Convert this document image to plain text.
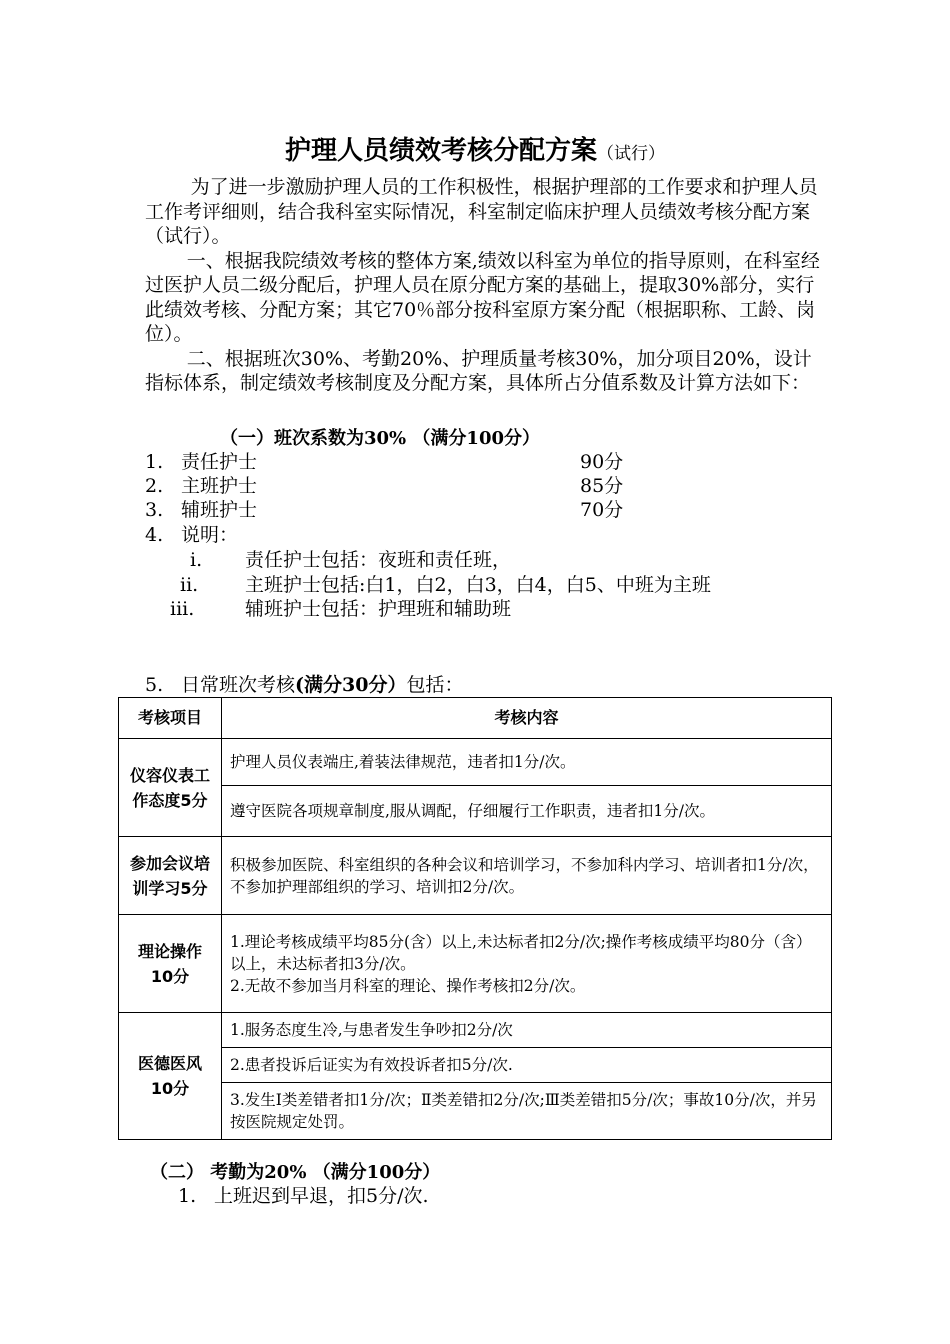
护理人员绩效考核分配方案（试行）

为了进一步激励护理人员的工作积极性，根据护理部的工作要求和护理人员工作考评细则，结合我科室实际情况，科室制定临床护理人员绩效考核分配方案（试行）。

一、根据我院绩效考核的整体方案,绩效以科室为单位的指导原则，在科室经过医护人员二级分配后，护理人员在原分配方案的基础上，提取30%部分，实行此绩效考核、分配方案；其它70％部分按科室原方案分配（根据职称、工龄、岗位）。

二、根据班次30%、考勤20%、护理质量考核30%，加分项目20%，设计指标体系，制定绩效考核制度及分配方案，具体所占分值系数及计算方法如下：

（一）班次系数为30% （满分100分）
1. 责任护士	90分
2. 主班护士	85分
3. 辅班护士	70分
4. 说明：
i. 责任护士包括：夜班和责任班，
ii. 主班护士包括:白1，白2，白3，白4，白5、中班为主班
iii.	辅班护士包括：护理班和辅助班
5. 日常班次考核(满分30分）包括：
考核项目	考核内容

仪容仪表工作态度5分	护理人员仪表端庄,着装法律规范，违者扣1分/次。
	遵守医院各项规章制度,服从调配，仔细履行工作职责，违者扣1分/次。

参加会议培训学习5分	积极参加医院、科室组织的各种会议和培训学习，不参加科内学习、培训者扣1分/次，不参加护理部组织的学习、培训扣2分/次。

理论操作10分	1.理论考核成绩平均85分(含）以上,未达标者扣2分/次;操作考核成绩平均80分（含）以上，未达标者扣3分/次。
2.无故不参加当月科室的理论、操作考核扣2分/次。

医德医风10分	1.服务态度生冷,与患者发生争吵扣2分/次
	2.患者投诉后证实为有效投诉者扣5分/次.
	3.发生Ⅰ类差错者扣1分/次；Ⅱ类差错扣2分/次;Ⅲ类差错扣5分/次；事故10分/次，并另按医院规定处罚。
（二） 考勤为20% （满分100分）
1. 上班迟到早退，扣5分/次.
